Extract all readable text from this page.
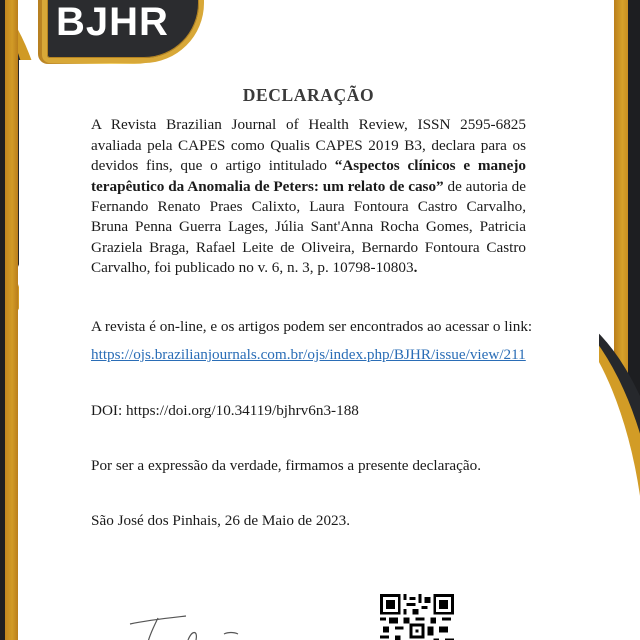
BJHR
DECLARAÇÃO

A Revista Brazilian Journal of Health Review, ISSN 2595-6825 avaliada pela CAPES como Qualis CAPES 2019 B3, declara para os devidos fins, que o artigo intitulado “Aspectos clínicos e manejo terapêutico da Anomalia de Peters: um relato de caso” de autoria de Fernando Renato Praes Calixto, Laura Fontoura Castro Carvalho, Bruna Penna Guerra Lages, Júlia Sant'Anna Rocha Gomes, Patricia Graziela Braga, Rafael Leite de Oliveira, Bernardo Fontoura Castro Carvalho, foi publicado no v. 6, n. 3, p. 10798-10803.

A revista é on-line, e os artigos podem ser encontrados ao acessar o link:
https://ojs.brazilianjournals.com.br/ojs/index.php/BJHR/issue/view/211
DOI: https://doi.org/10.34119/bjhrv6n3-188
Por ser a expressão da verdade, firmamos a presente declaração.
São José dos Pinhais, 26 de Maio de 2023.
